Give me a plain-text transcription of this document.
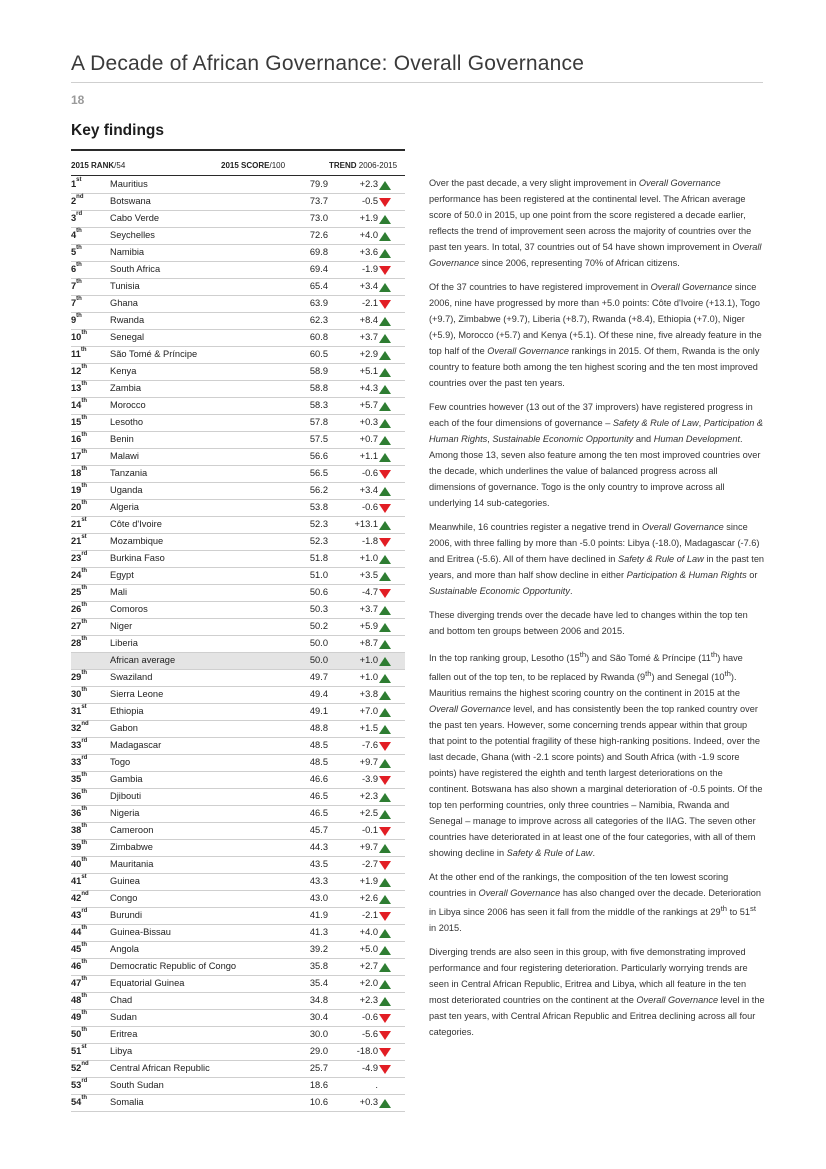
A Decade of African Governance: Overall Governance
18
Key findings
2015 RANK/54	2015 SCORE/100	TREND 2006-2015
1st	Mauritius	79.9	+2.3
2nd	Botswana	73.7	-0.5
3rd	Cabo Verde	73.0	+1.9
4th	Seychelles	72.6	+4.0
5th	Namibia	69.8	+3.6
6th	South Africa	69.4	-1.9
7th	Tunisia	65.4	+3.4
7th	Ghana	63.9	-2.1
9th	Rwanda	62.3	+8.4
10th Senegal	60.8	+3.7
11th	São Tomé & Príncipe	60.5	+2.9
12th Kenya	58.9	+5.1
13th Zambia	58.8	+4.3
14th Morocco	58.3	+5.7
15th Lesotho	57.8	+0.3
16th Benin	57.5	+0.7
17th Malawi	56.6	+1.1
18th Tanzania	56.5	-0.6
19th Uganda	56.2	+3.4
20th Algeria	53.8	-0.6
21st	Côte d'Ivoire	52.3	+13.1
21st	Mozambique	52.3	-1.8
23rd Burkina Faso	51.8	+1.0
24th Egypt	51.0	+3.5
25th Mali	50.6	-4.7
26th Comoros	50.3	+3.7
27th Niger	50.2	+5.9
28th Liberia	50.0	+8.7
African average	50.0	+1.0
29th Swaziland	49.7	+1.0
30th Sierra Leone	49.4	+3.8
31st	Ethiopia	49.1	+7.0
32nd Gabon	48.8	+1.5
33rd Madagascar	48.5	-7.6
33rd Togo	48.5	+9.7
35th Gambia	46.6	-3.9
36th Djibouti	46.5	+2.3
36th Nigeria	46.5	+2.5
38th Cameroon	45.7	-0.1
39th Zimbabwe	44.3	+9.7
40th Mauritania	43.5	-2.7
41st	Guinea	43.3	+1.9
42nd Congo	43.0	+2.6
43rd Burundi	41.9	-2.1
44th Guinea-Bissau	41.3	+4.0
45th Angola	39.2	+5.0
46th Democratic Republic of Congo	35.8	+2.7
47th Equatorial Guinea	35.4	+2.0
48th Chad	34.8	+2.3
49th Sudan	30.4	-0.6
50th Eritrea	30.0	-5.6
51st	Libya	29.0	-18.0
52nd Central African Republic	25.7	-4.9
53rd South Sudan	18.6	.
54th Somalia	10.6	+0.3

Over the past decade, a very slight improvement in Overall Governance performance has been registered at the continental level. The African average score of 50.0 in 2015, up one point from the score registered a decade earlier, reflects the trend of improvement seen across the majority of countries over the past ten years. In total, 37 countries out of 54 have shown improvement in Overall Governance since 2006, representing 70% of African citizens.

Of the 37 countries to have registered improvement in Overall Governance since 2006, nine have progressed by more than +5.0 points: Côte d'Ivoire (+13.1), Togo (+9.7), Zimbabwe (+9.7), Liberia (+8.7), Rwanda (+8.4), Ethiopia (+7.0), Niger (+5.9), Morocco (+5.7) and Kenya (+5.1). Of these nine, five already feature in the top half of the Overall Governance rankings in 2015. Of them, Rwanda is the only country to feature both among the ten highest scoring and the ten most improved countries over the past ten years.

Few countries however (13 out of the 37 improvers) have registered progress in each of the four dimensions of governance – Safety & Rule of Law, Participation & Human Rights, Sustainable Economic Opportunity and Human Development. Among those 13, seven also feature among the ten most improved countries over the decade, which underlines the value of balanced progress across all dimensions of governance. Togo is the only country to improve across all underlying 14 sub-categories.

Meanwhile, 16 countries register a negative trend in Overall Governance since 2006, with three falling by more than -5.0 points: Libya (-18.0), Madagascar (-7.6) and Eritrea (-5.6). All of them have declined in Safety & Rule of Law in the past ten years, and more than half show decline in either Participation & Human Rights or Sustainable Economic Opportunity.

These diverging trends over the decade have led to changes within the top ten and bottom ten groups between 2006 and 2015.

In the top ranking group, Lesotho (15th) and São Tomé & Príncipe (11th) have fallen out of the top ten, to be replaced by Rwanda (9th) and Senegal (10th). Mauritius remains the highest scoring country on the continent in 2015 at the Overall Governance level, and has consistently been the top ranked country over the past ten years. However, some concerning trends appear within that group that point to the potential fragility of these high-ranking positions. Indeed, over the last decade, Ghana (with -2.1 score points) and South Africa (with -1.9 score points) have registered the eighth and tenth largest deteriorations on the continent. Botswana has also shown a marginal deterioration of -0.5 points. Of the top ten performing countries, only three countries – Namibia, Rwanda and Senegal – manage to improve across all categories of the IIAG. The seven other countries have deteriorated in at least one of the four categories, with all of them showing decline in Safety & Rule of Law.

At the other end of the rankings, the composition of the ten lowest scoring countries in Overall Governance has also changed over the decade. Deterioration in Libya since 2006 has seen it fall from the middle of the rankings at 29th to 51st in 2015.

Diverging trends are also seen in this group, with five demonstrating improved performance and four registering deterioration. Particularly worrying trends are seen in Central African Republic, Eritrea and Libya, which all feature in the ten most deteriorated countries on the continent at the Overall Governance level in the past ten years, with Central African Republic and Eritrea declining across all four categories.
